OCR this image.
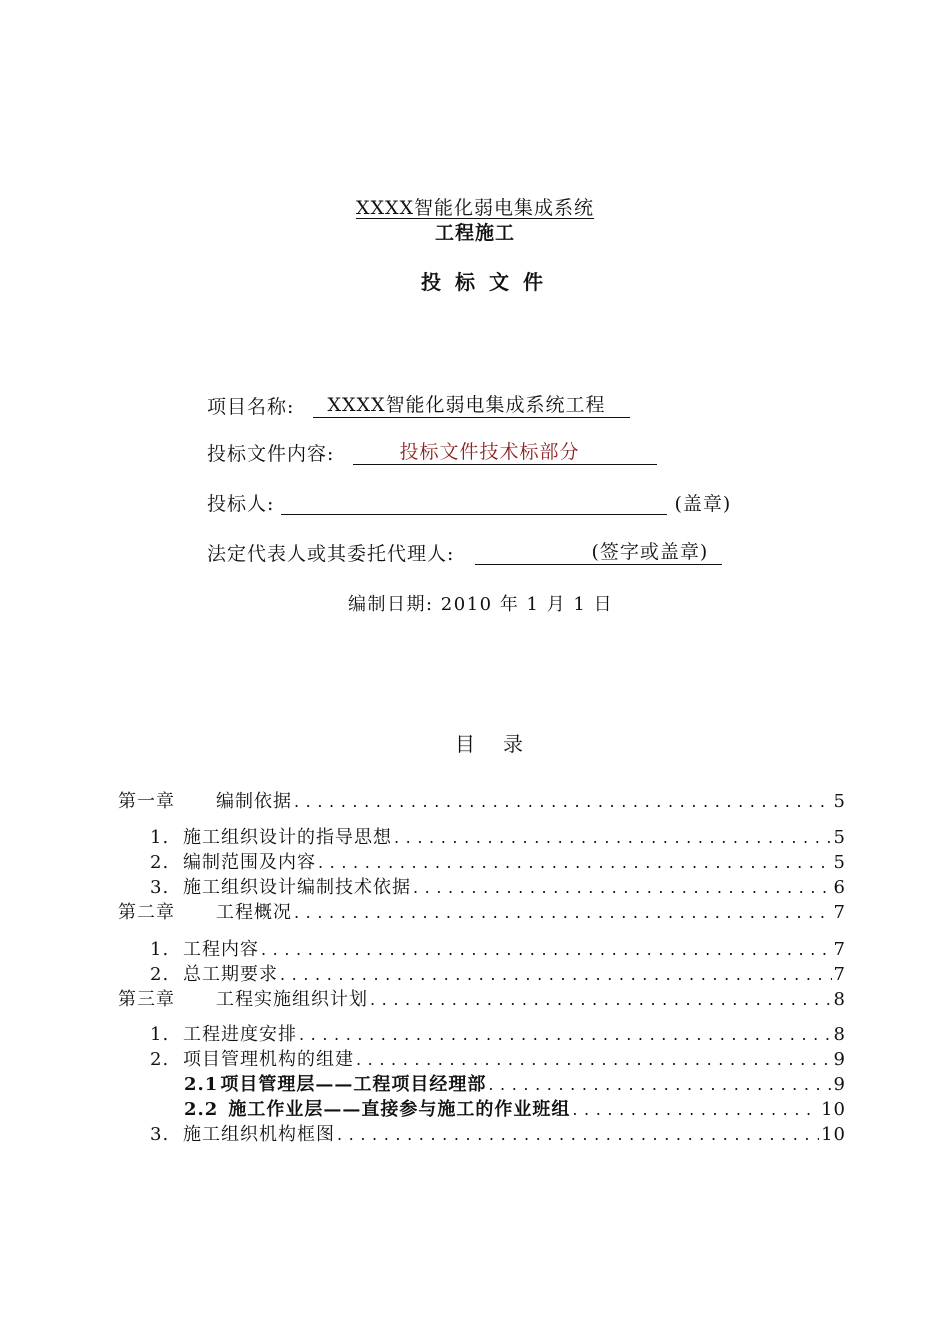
XXXX智能化弱电集成系统
工程施工
投标文件
项目名称: XXXX智能化弱电集成系统工程
投标文件内容:	投标文件技术标部分
投标人:	(盖章)
法定代表人或其委托代理人:	(签字或盖章)
编制日期: 2010 年 1 月 1 日
目录
第一章 编制依据 .....	5
1. 施工组织设计的指导思想 .....	5
2. 编制范围及内容 .....	5
3. 施工组织设计编制技术依据 .....	6
第二章 工程概况 .....	7
1. 工程内容 .....	7
2. 总工期要求 .....	7
第三章 工程实施组织计划 .....	8
1. 工程进度安排 .....	8
2. 项目管理机构的组建 .....	9
2.1 项目管理层——工程项目经理部 .....	9
2.2 施工作业层——直接参与施工的作业班组 .....	10
3. 施工组织机构框图 .....	10
